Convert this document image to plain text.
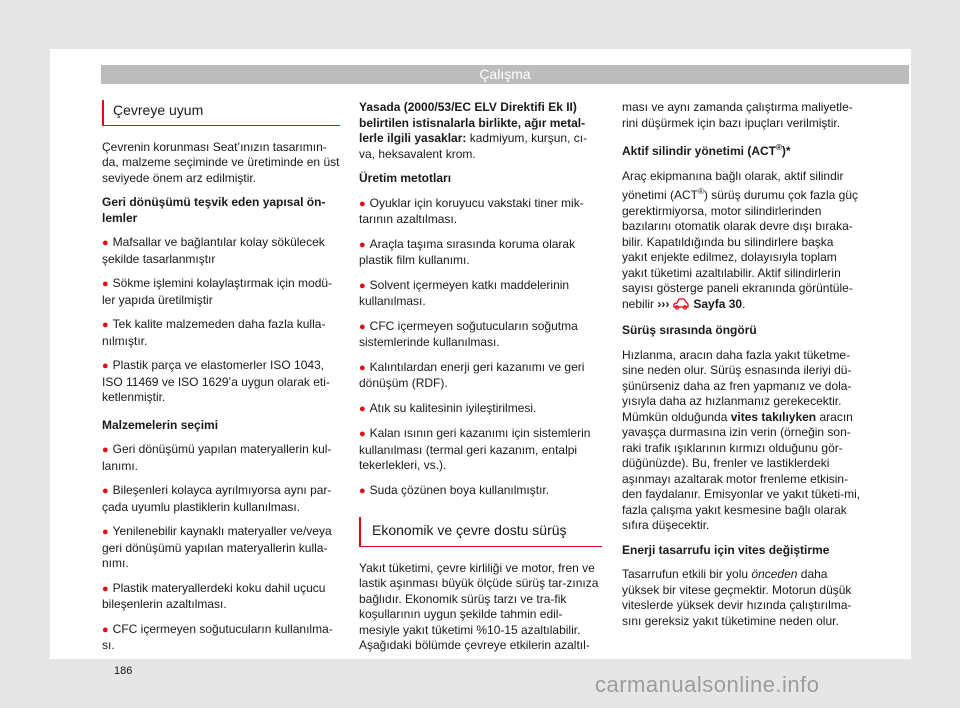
Çalışma
Çevreye uyum

Çevrenin korunması Seat’ınızın tasarımın-da, malzeme seçiminde ve üretiminde en üst seviyede önem arz edilmiştir.

Geri dönüşümü teşvik eden yapısal ön-lemler

● Mafsallar ve bağlantılar kolay sökülecek şekilde tasarlanmıştır

● Sökme işlemini kolaylaştırmak için modü-ler yapıda üretilmiştir

● Tek kalite malzemeden daha fazla kulla-nılmıştır.

● Plastik parça ve elastomerler ISO 1043, ISO 11469 ve ISO 1629’a uygun olarak eti-ketlenmiştir.

Malzemelerin seçimi

● Geri dönüşümü yapılan materyallerin kul-lanımı.

● Bileşenleri kolayca ayrılmıyorsa aynı par-çada uyumlu plastiklerin kullanılması.

● Yenilenebilir kaynaklı materyaller ve/veya geri dönüşümü yapılan materyallerin kulla-nımı.

● Plastik materyallerdeki koku dahil uçucu bileşenlerin azaltılması.

● CFC içermeyen soğutucuların kullanılma-sı.

Yasada (2000/53/EC ELV Direktifi Ek II) belirtilen istisnalarla birlikte, ağır metal-lerle ilgili yasaklar: kadmiyum, kurşun, cı-va, heksavalent krom.

Üretim metotları

● Oyuklar için koruyucu vakstaki tiner mik-tarının azaltılması.

● Araçla taşıma sırasında koruma olarak plastik film kullanımı.

● Solvent içermeyen katkı maddelerinin kullanılması.

● CFC içermeyen soğutucuların soğutma sistemlerinde kullanılması.

● Kalıntılardan enerji geri kazanımı ve geri dönüşüm (RDF).

● Atık su kalitesinin iyileştirilmesi.

● Kalan ısının geri kazanımı için sistemlerin kullanılması (termal geri kazanım, entalpi tekerlekleri, vs.).

● Suda çözünen boya kullanılmıştır.

Ekonomik ve çevre dostu sürüş

Yakıt tüketimi, çevre kirliliği ve motor, fren ve lastik aşınması büyük ölçüde sürüş tar-zınıza bağlıdır. Ekonomik sürüş tarzı ve tra-fik koşullarının uygun şekilde tahmin edil-mesiyle yakıt tüketimi %10-15 azaltılabilir. Aşağıdaki bölümde çevreye etkilerin azaltıl-

ması ve aynı zamanda çalıştırma maliyetle-rini düşürmek için bazı ipuçları verilmiştir.

Aktif silindir yönetimi (ACT®)*

Araç ekipmanına bağlı olarak, aktif silindir yönetimi (ACT®) sürüş durumu çok fazla güç gerektirmiyorsa, motor silindirlerinden bazılarını otomatik olarak devre dışı bıraka-bilir. Kapatıldığında bu silindirlere başka yakıt enjekte edilmez, dolayısıyla toplam yakıt tüketimi azaltılabilir. Aktif silindirlerin sayısı gösterge paneli ekranında görüntüle-nebilir ››› Sayfa 30.

Sürüş sırasında öngörü

Hızlanma, aracın daha fazla yakıt tüketme-sine neden olur. Sürüş esnasında ileriyi dü-şünürseniz daha az fren yapmanız ve dola-yısıyla daha az hızlanmanız gerekecektir. Mümkün olduğunda vites takılıyken aracın yavaşça durmasına izin verin (örneğin son-raki trafik ışıklarının kırmızı olduğunu gör-düğünüzde). Bu, frenler ve lastiklerdeki aşınmayı azaltarak motor frenleme etkisin-den faydalanır. Emisyonlar ve yakıt tüketi-mi, fazla çalışma yakıt kesmesine bağlı olarak sıfıra düşecektir.

Enerji tasarrufu için vites değiştirme

Tasarrufun etkili bir yolu önceden daha yüksek bir vitese geçmektir. Motorun düşük viteslerde yüksek devir hızında çalıştırılma-sını gereksiz yakıt tüketimine neden olur.

186
carmanualsonline.info
